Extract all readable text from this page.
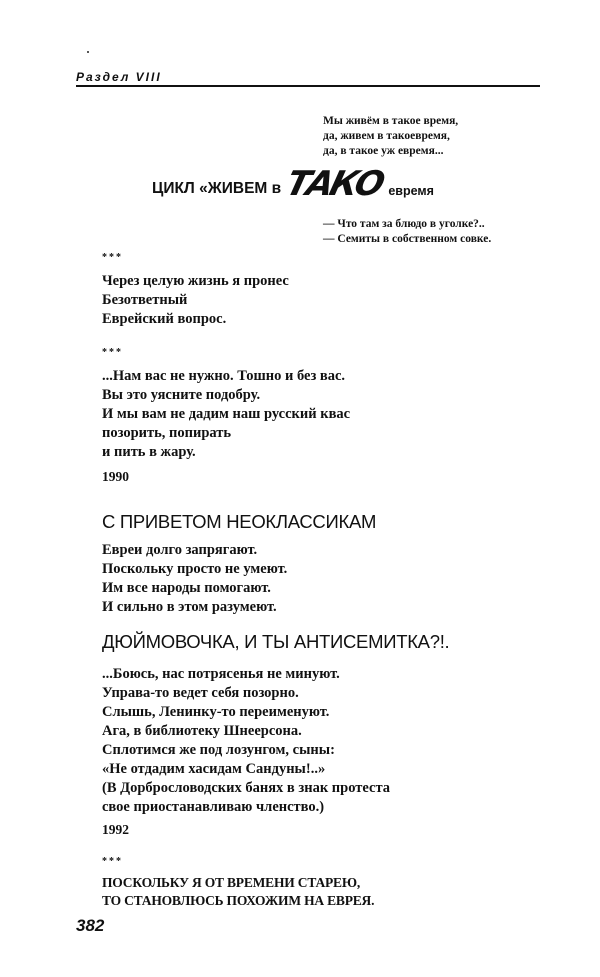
Раздел VIII
Мы живём в такое время,
да, живем в такоевремя,
да, в такое уж евремя...
ЦИКЛ «ЖИВЕМ в ТАКО евремя
— Что там за блюдо в уголке?..
— Семиты в собственном совке.
***
Через целую жизнь я пронес
Безответный
Еврейский вопрос.
***
...Нам вас не нужно. Тошно и без вас.
Вы это уясните подобру.
И мы вам не дадим наш русский квас
позорить, попирать
и пить в жару.
1990
С ПРИВЕТОМ НЕОКЛАССИКАМ
Евреи долго запрягают.
Поскольку просто не умеют.
Им все народы помогают.
И сильно в этом разумеют.
ДЮЙМОВОЧКА, И ТЫ АНТИСЕМИТКА?!.
...Боюсь, нас потрясенья не минуют.
Управа-то ведет себя позорно.
Слышь, Ленинку-то переименуют.
Ага, в библиотеку Шнеерсона.
Сплотимся же под лозунгом, сыны:
«Не отдадим хасидам Сандуны!..»
(В Дорбрословодских банях в знак протеста
свое приостанавливаю членство.)
1992
***
ПОСКОЛЬКУ Я ОТ ВРЕМЕНИ СТАРЕЮ,
ТО СТАНОВЛЮСЬ ПОХОЖИМ НА ЕВРЕЯ.
382
